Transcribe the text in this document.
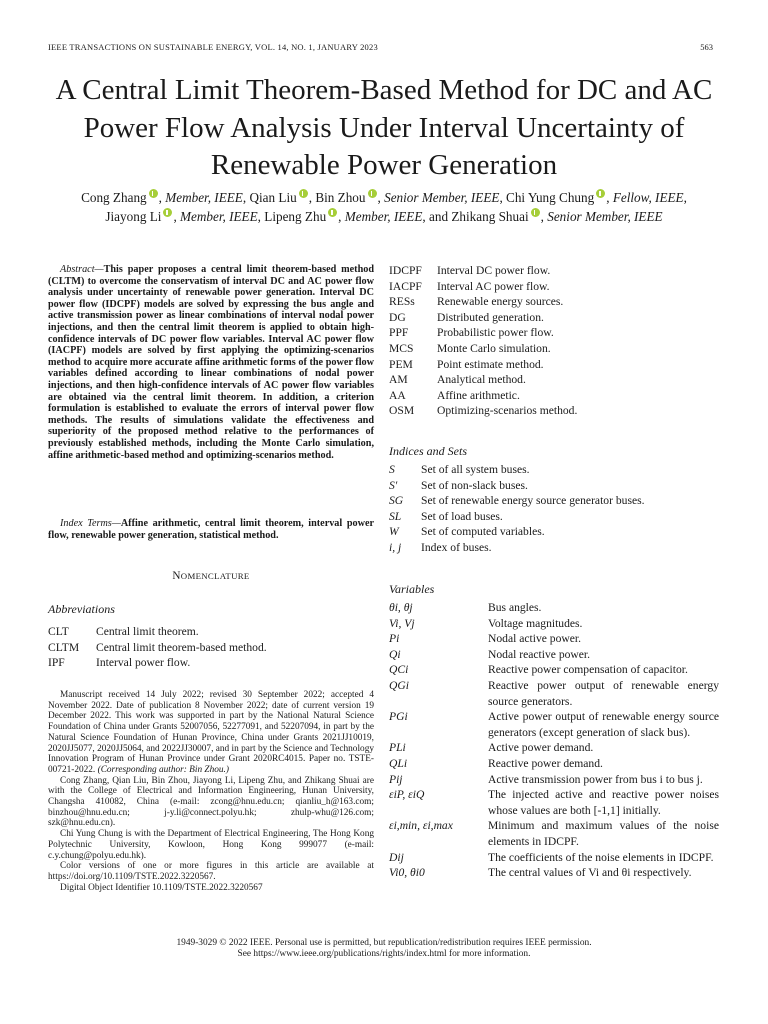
IEEE TRANSACTIONS ON SUSTAINABLE ENERGY, VOL. 14, NO. 1, JANUARY 2023	563
A Central Limit Theorem-Based Method for DC and AC Power Flow Analysis Under Interval Uncertainty of Renewable Power Generation
Cong Zhang , Member, IEEE, Qian Liu , Bin Zhou , Senior Member, IEEE, Chi Yung Chung , Fellow, IEEE,
Jiayong Li , Member, IEEE, Lipeng Zhu , Member, IEEE, and Zhikang Shuai , Senior Member, IEEE
Abstract—This paper proposes a central limit theorem-based method (CLTM) to overcome the conservatism of interval DC and AC power flow analysis under uncertainty of renewable power generation. Interval DC power flow (IDCPF) models are solved by expressing the bus angle and active transmission power as linear combinations of interval nodal power injections, and then the central limit theorem is applied to obtain high-confidence intervals of DC power flow variables. Interval AC power flow (IACPF) models are solved by first applying the optimizing-scenarios method to acquire more accurate affine arithmetic forms of the power flow variables defined according to linear combinations of nodal power injections, and then high-confidence intervals of AC power flow variables are obtained via the central limit theorem. In addition, a criterion formulation is established to evaluate the errors of interval power flow methods. The results of simulations validate the effectiveness and superiority of the proposed method relative to the performances of previously established methods, including the Monte Carlo simulation, affine arithmetic-based method and optimizing-scenarios method.
Index Terms—Affine arithmetic, central limit theorem, interval power flow, renewable power generation, statistical method.
NOMENCLATURE
Abbreviations
CLT	Central limit theorem.
CLTM	Central limit theorem-based method.
IPF	Interval power flow.

Manuscript received 14 July 2022; revised 30 September 2022; accepted 4 November 2022. Date of publication 8 November 2022; date of current version 19 December 2022. This work was supported in part by the National Natural Science Foundation of China under Grants 52007056, 52277091, and 52207094, in part by the Natural Science Foundation of Hunan Province, China under Grants 2021JJ10019, 2020JJ5077, 2020JJ5064, and 2022JJ30007, and in part by the Science and Technology Innovation Program of Hunan Province under Grant 2020RC4015. Paper no. TSTE-00721-2022. (Corresponding author: Bin Zhou.)

Cong Zhang, Qian Liu, Bin Zhou, Jiayong Li, Lipeng Zhu, and Zhikang Shuai are with the College of Electrical and Information Engineering, Hunan University, Changsha 410082, China (e-mail: zcong@hnu.edu.cn; qianliu_h@163.com; binzhou@hnu.edu.cn; j-y.li@connect.polyu.hk; zhulp-whu@126.com; szk@hnu.edu.cn).

Chi Yung Chung is with the Department of Electrical Engineering, The Hong Kong Polytechnic University, Kowloon, Hong Kong 999077 (e-mail: c.y.chung@polyu.edu.hk).

Color versions of one or more figures in this article are available at https://doi.org/10.1109/TSTE.2022.3220567.

Digital Object Identifier 10.1109/TSTE.2022.3220567

IDCPF	Interval DC power flow.
IACPF	Interval AC power flow.
RESs	Renewable energy sources.
DG	Distributed generation.
PPF	Probabilistic power flow.
MCS	Monte Carlo simulation.
PEM	Point estimate method.
AM	Analytical method.
AA	Affine arithmetic.
OSM	Optimizing-scenarios method.
Indices and Sets
S	Set of all system buses.
S′	Set of non-slack buses.
SG	Set of renewable energy source generator buses.
SL	Set of load buses.
W	Set of computed variables.
i, j	Index of buses.
Variables
θi, θj	Bus angles.
Vi, Vj	Voltage magnitudes.
Pi	Nodal active power.
Qi	Nodal reactive power.
QCi	Reactive power compensation of capacitor.
QGi	Reactive power output of renewable energy source generators.
PGi	Active power output of renewable energy source generators (except generation of slack bus).
PLi	Active power demand.
QLi	Reactive power demand.
Pij	Active transmission power from bus i to bus j.
εiP, εiQ	The injected active and reactive power noises whose values are both [-1,1] initially.
εi,min, εi,max	Minimum and maximum values of the noise elements in IDCPF.
Dij	The coefficients of the noise elements in IDCPF.
Vi0, θi0	The central values of Vi and θi respectively.
1949-3029 © 2022 IEEE. Personal use is permitted, but republication/redistribution requires IEEE permission.
See https://www.ieee.org/publications/rights/index.html for more information.
